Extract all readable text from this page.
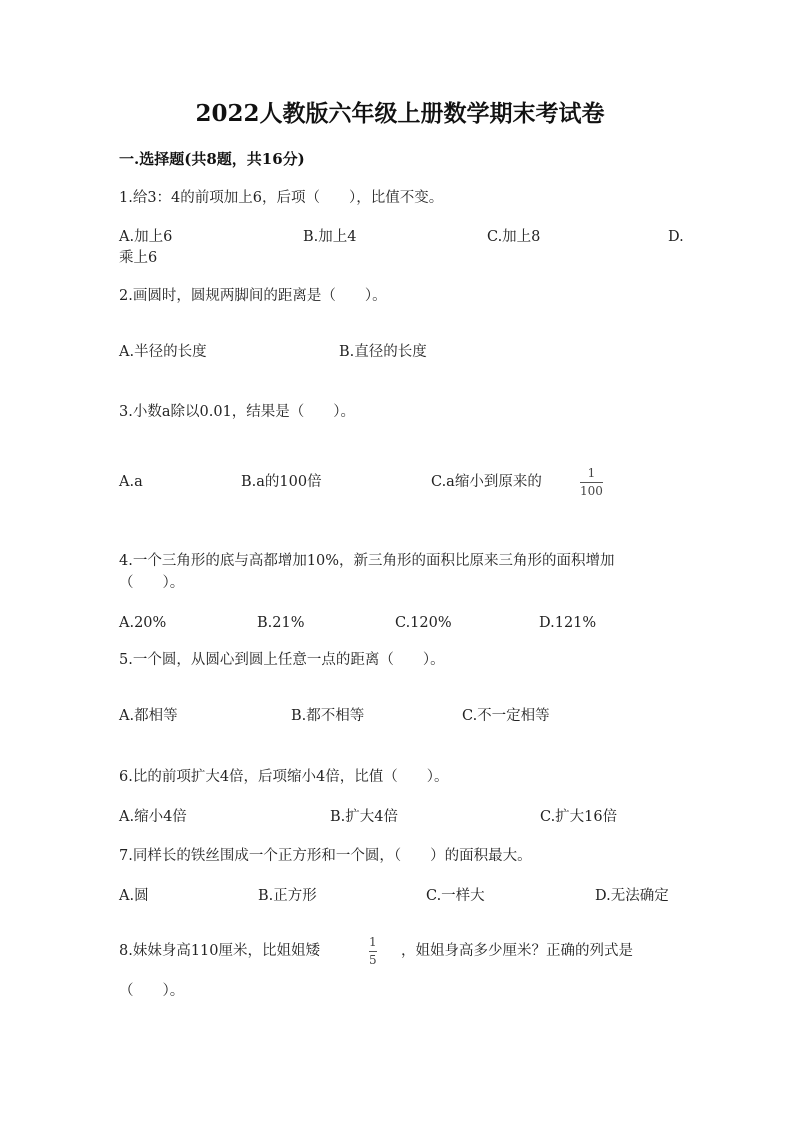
2022人教版六年级上册数学期末考试卷
一.选择题(共8题，共16分)
1.给3：4的前项加上6，后项（　　），比值不变。
A.加上6	B.加上4	C.加上8	D.
乘上6
2.画圆时，圆规两脚间的距离是（　　）。
A.半径的长度	B.直径的长度
3.小数a除以0.01，结果是（　　）。
A.a	B.a的100倍	C.a缩小到原来的
1
100
4.一个三角形的底与高都增加10%，新三角形的面积比原来三角形的面积增加
（　　）。
A.20%	B.21%	C.120%	D.121%
5.一个圆，从圆心到圆上任意一点的距离（　　）。
A.都相等	B.都不相等	C.不一定相等
6.比的前项扩大4倍，后项缩小4倍，比值（　　）。
A.缩小4倍	B.扩大4倍	C.扩大16倍
7.同样长的铁丝围成一个正方形和一个圆，（　　）的面积最大。
A.圆	B.正方形	C.一样大	D.无法确定
8.妹妹身高110厘米，比姐姐矮
1
5
，姐姐身高多少厘米？正确的列式是
（　　）。
